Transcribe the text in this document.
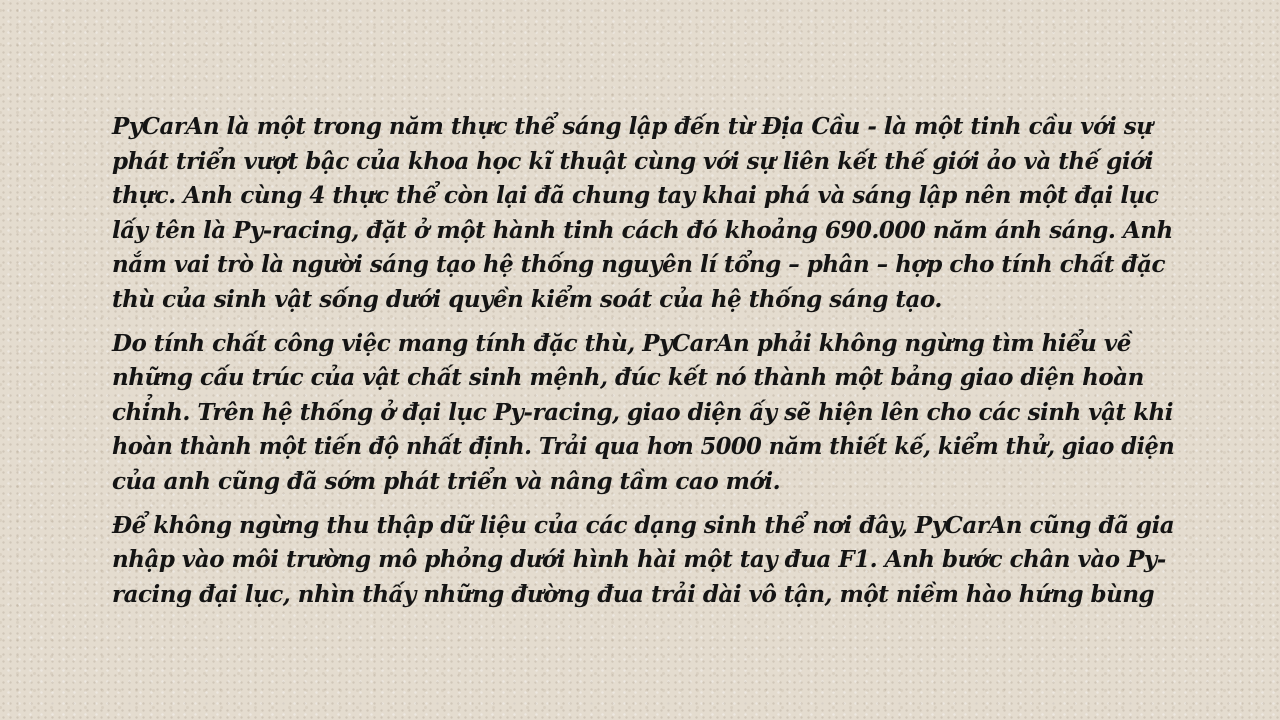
PyCarAn là một trong năm thực thể sáng lập đến từ Địa Cầu - là một tinh cầu với sự
phát triển vượt bậc của khoa học kĩ thuật cùng với sự liên kết thế giới ảo và thế giới
thực. Anh cùng 4 thực thể còn lại đã chung tay khai phá và sáng lập nên một đại lục
lấy tên là Py-racing, đặt ở một hành tinh cách đó khoảng 690.000 năm ánh sáng. Anh
nắm vai trò là người sáng tạo hệ thống nguyên lí tổng – phân – hợp cho tính chất đặc
thù của sinh vật sống dưới quyền kiểm soát của hệ thống sáng tạo.

Do tính chất công việc mang tính đặc thù, PyCarAn phải không ngừng tìm hiểu về
những cấu trúc của vật chất sinh mệnh, đúc kết nó thành một bảng giao diện hoàn
chỉnh. Trên hệ thống ở đại lục Py-racing, giao diện ấy sẽ hiện lên cho các sinh vật khi
hoàn thành một tiến độ nhất định. Trải qua hơn 5000 năm thiết kế, kiểm thử, giao diện
của anh cũng đã sớm phát triển và nâng tầm cao mới.

Để không ngừng thu thập dữ liệu của các dạng sinh thể nơi đây, PyCarAn cũng đã gia
nhập vào môi trường mô phỏng dưới hình hài một tay đua F1. Anh bước chân vào Py-
racing đại lục, nhìn thấy những đường đua trải dài vô tận, một niềm hào hứng bùng
